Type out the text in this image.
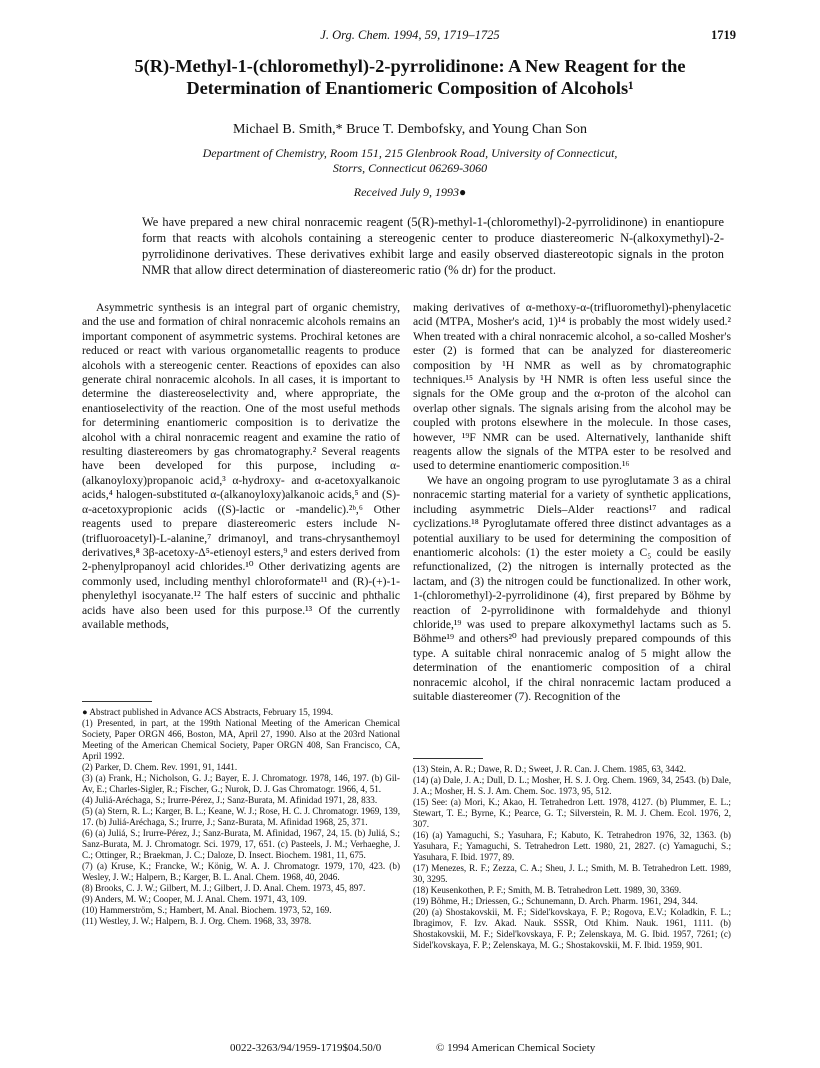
J. Org. Chem. 1994, 59, 1719–1725	1719
5(R)-Methyl-1-(chloromethyl)-2-pyrrolidinone: A New Reagent for the Determination of Enantiomeric Composition of Alcohols¹
Michael B. Smith,* Bruce T. Dembofsky, and Young Chan Son
Department of Chemistry, Room 151, 215 Glenbrook Road, University of Connecticut,
Storrs, Connecticut 06269-3060
Received July 9, 1993●
We have prepared a new chiral nonracemic reagent (5(R)-methyl-1-(chloromethyl)-2-pyrrolidinone) in enantiopure form that reacts with alcohols containing a stereogenic center to produce diastereomeric N-(alkoxymethyl)-2-pyrrolidinone derivatives. These derivatives exhibit large and easily observed diastereotopic signals in the proton NMR that allow direct determination of diastereomeric ratio (% dr) for the product.

Asymmetric synthesis is an integral part of organic chemistry, and the use and formation of chiral nonracemic alcohols remains an important component of asymmetric systems. Prochiral ketones are reduced or react with various organometallic reagents to produce alcohols with a stereogenic center. Reactions of epoxides can also generate chiral nonracemic alcohols. In all cases, it is important to determine the diastereoselectivity and, where appropriate, the enantioselectivity of the reaction. One of the most useful methods for determining enantiomeric composition is to derivatize the alcohol with a chiral nonracemic reagent and examine the ratio of resulting diastereomers by gas chromatography.² Several reagents have been developed for this purpose, including α-(alkanoyloxy)propanoic acid,³ α-hydroxy- and α-acetoxyalkanoic acids,⁴ halogen-substituted α-(alkanoyloxy)alkanoic acids,⁵ and (S)-α-acetoxypropionic acids ((S)-lactic or -mandelic).²ᵇ,⁶ Other reagents used to prepare diastereomeric esters include N-(trifluoroacetyl)-L-alanine,⁷ drimanoyl, and trans-chrysanthemoyl derivatives,⁸ 3β-acetoxy-Δ⁵-etienoyl esters,⁹ and esters derived from 2-phenylpropanoyl acid chlorides.¹⁰ Other derivatizing agents are commonly used, including menthyl chloroformate¹¹ and (R)-(+)-1-phenylethyl isocyanate.¹² The half esters of succinic and phthalic acids have also been used for this purpose.¹³ Of the currently available methods,

making derivatives of α-methoxy-α-(trifluoromethyl)-phenylacetic acid (MTPA, Mosher's acid, 1)¹⁴ is probably the most widely used.² When treated with a chiral nonracemic alcohol, a so-called Mosher's ester (2) is formed that can be analyzed for diastereomeric composition by ¹H NMR as well as by chromatographic techniques.¹⁵ Analysis by ¹H NMR is often less useful since the signals for the OMe group and the α-proton of the alcohol can overlap other signals. The signals arising from the alcohol may be coupled with protons elsewhere in the molecule. In those cases, however, ¹⁹F NMR can be used. Alternatively, lanthanide shift reagents allow the signals of the MTPA ester to be resolved and used to determine enantiomeric composition.¹⁶

We have an ongoing program to use pyroglutamate 3 as a chiral nonracemic starting material for a variety of synthetic applications, including asymmetric Diels–Alder reactions¹⁷ and radical cyclizations.¹⁸ Pyroglutamate offered three distinct advantages as a potential auxiliary to be used for determining the composition of enantiomeric alcohols: (1) the ester moiety a C₅ could be easily refunctionalized, (2) the nitrogen is internally protected as the lactam, and (3) the nitrogen could be functionalized. In other work, 1-(chloromethyl)-2-pyrrolidinone (4), first prepared by Böhme by reaction of 2-pyrrolidinone with formaldehyde and thionyl chloride,¹⁹ was used to prepare alkoxymethyl lactams such as 5. Böhme¹⁹ and others²⁰ had previously prepared compounds of this type. A suitable chiral nonracemic analog of 5 might allow the determination of the enantiomeric composition of a chiral nonracemic alcohol, if the chiral nonracemic lactam produced a suitable diastereomer (7). Recognition of the

● Abstract published in Advance ACS Abstracts, February 15, 1994.
(1) Presented, in part, at the 199th National Meeting of the American Chemical Society, Paper ORGN 466, Boston, MA, April 27, 1990. Also at the 203rd National Meeting of the American Chemical Society, Paper ORGN 408, San Francisco, CA, April 1992.
(2) Parker, D. Chem. Rev. 1991, 91, 1441.
(3) (a) Frank, H.; Nicholson, G. J.; Bayer, E. J. Chromatogr. 1978, 146, 197. (b) Gil-Av, E.; Charles-Sigler, R.; Fischer, G.; Nurok, D. J. Gas Chromatogr. 1966, 4, 51.
(4) Juliá-Aréchaga, S.; Irurre-Pérez, J.; Sanz-Burata, M. Afinidad 1971, 28, 833.
(5) (a) Stern, R. L.; Karger, B. L.; Keane, W. J.; Rose, H. C. J. Chromatogr. 1969, 139, 17. (b) Juliá-Aréchaga, S.; Irurre, J.; Sanz-Burata, M. Afinidad 1968, 25, 371.
(6) (a) Juliá, S.; Irurre-Pérez, J.; Sanz-Burata, M. Afinidad, 1967, 24, 15. (b) Juliá, S.; Sanz-Burata, M. J. Chromatogr. Sci. 1979, 17, 651. (c) Pasteels, J. M.; Verhaeghe, J. C.; Ottinger, R.; Braekman, J. C.; Daloze, D. Insect. Biochem. 1981, 11, 675.
(7) (a) Kruse, K.; Francke, W.; König, W. A. J. Chromatogr. 1979, 170, 423. (b) Wesley, J. W.; Halpern, B.; Karger, B. L. Anal. Chem. 1968, 40, 2046.
(8) Brooks, C. J. W.; Gilbert, M. J.; Gilbert, J. D. Anal. Chem. 1973, 45, 897.
(9) Anders, M. W.; Cooper, M. J. Anal. Chem. 1971, 43, 109.
(10) Hammerström, S.; Hambert, M. Anal. Biochem. 1973, 52, 169.
(11) Westley, J. W.; Halpern, B. J. Org. Chem. 1968, 33, 3978.
(13) Stein, A. R.; Dawe, R. D.; Sweet, J. R. Can. J. Chem. 1985, 63, 3442.
(14) (a) Dale, J. A.; Dull, D. L.; Mosher, H. S. J. Org. Chem. 1969, 34, 2543. (b) Dale, J. A.; Mosher, H. S. J. Am. Chem. Soc. 1973, 95, 512.
(15) See: (a) Mori, K.; Akao, H. Tetrahedron Lett. 1978, 4127. (b) Plummer, E. L.; Stewart, T. E.; Byrne, K.; Pearce, G. T.; Silverstein, R. M. J. Chem. Ecol. 1976, 2, 307.
(16) (a) Yamaguchi, S.; Yasuhara, F.; Kabuto, K. Tetrahedron 1976, 32, 1363. (b) Yasuhara, F.; Yamaguchi, S. Tetrahedron Lett. 1980, 21, 2827. (c) Yamaguchi, S.; Yasuhara, F. Ibid. 1977, 89.
(17) Menezes, R. F.; Zezza, C. A.; Sheu, J. L.; Smith, M. B. Tetrahedron Lett. 1989, 30, 3295.
(18) Keusenkothen, P. F.; Smith, M. B. Tetrahedron Lett. 1989, 30, 3369.
(19) Böhme, H.; Driessen, G.; Schunemann, D. Arch. Pharm. 1961, 294, 344.
(20) (a) Shostakovskii, M. F.; Sidel'kovskaya, F. P.; Rogova, E.V.; Koladkin, F. L.; Ibragimov, F. Izv. Akad. Nauk. SSSR, Otd Khim. Nauk. 1961, 1111. (b) Shostakovskii, M. F.; Sidel'kovskaya, F. P.; Zelenskaya, M. G. Ibid. 1957, 7261; (c) Sidel'kovskaya, F. P.; Zelenskaya, M. G.; Shostakovskii, M. F. Ibid. 1959, 901.
0022-3263/94/1959-1719$04.50/0	© 1994 American Chemical Society
